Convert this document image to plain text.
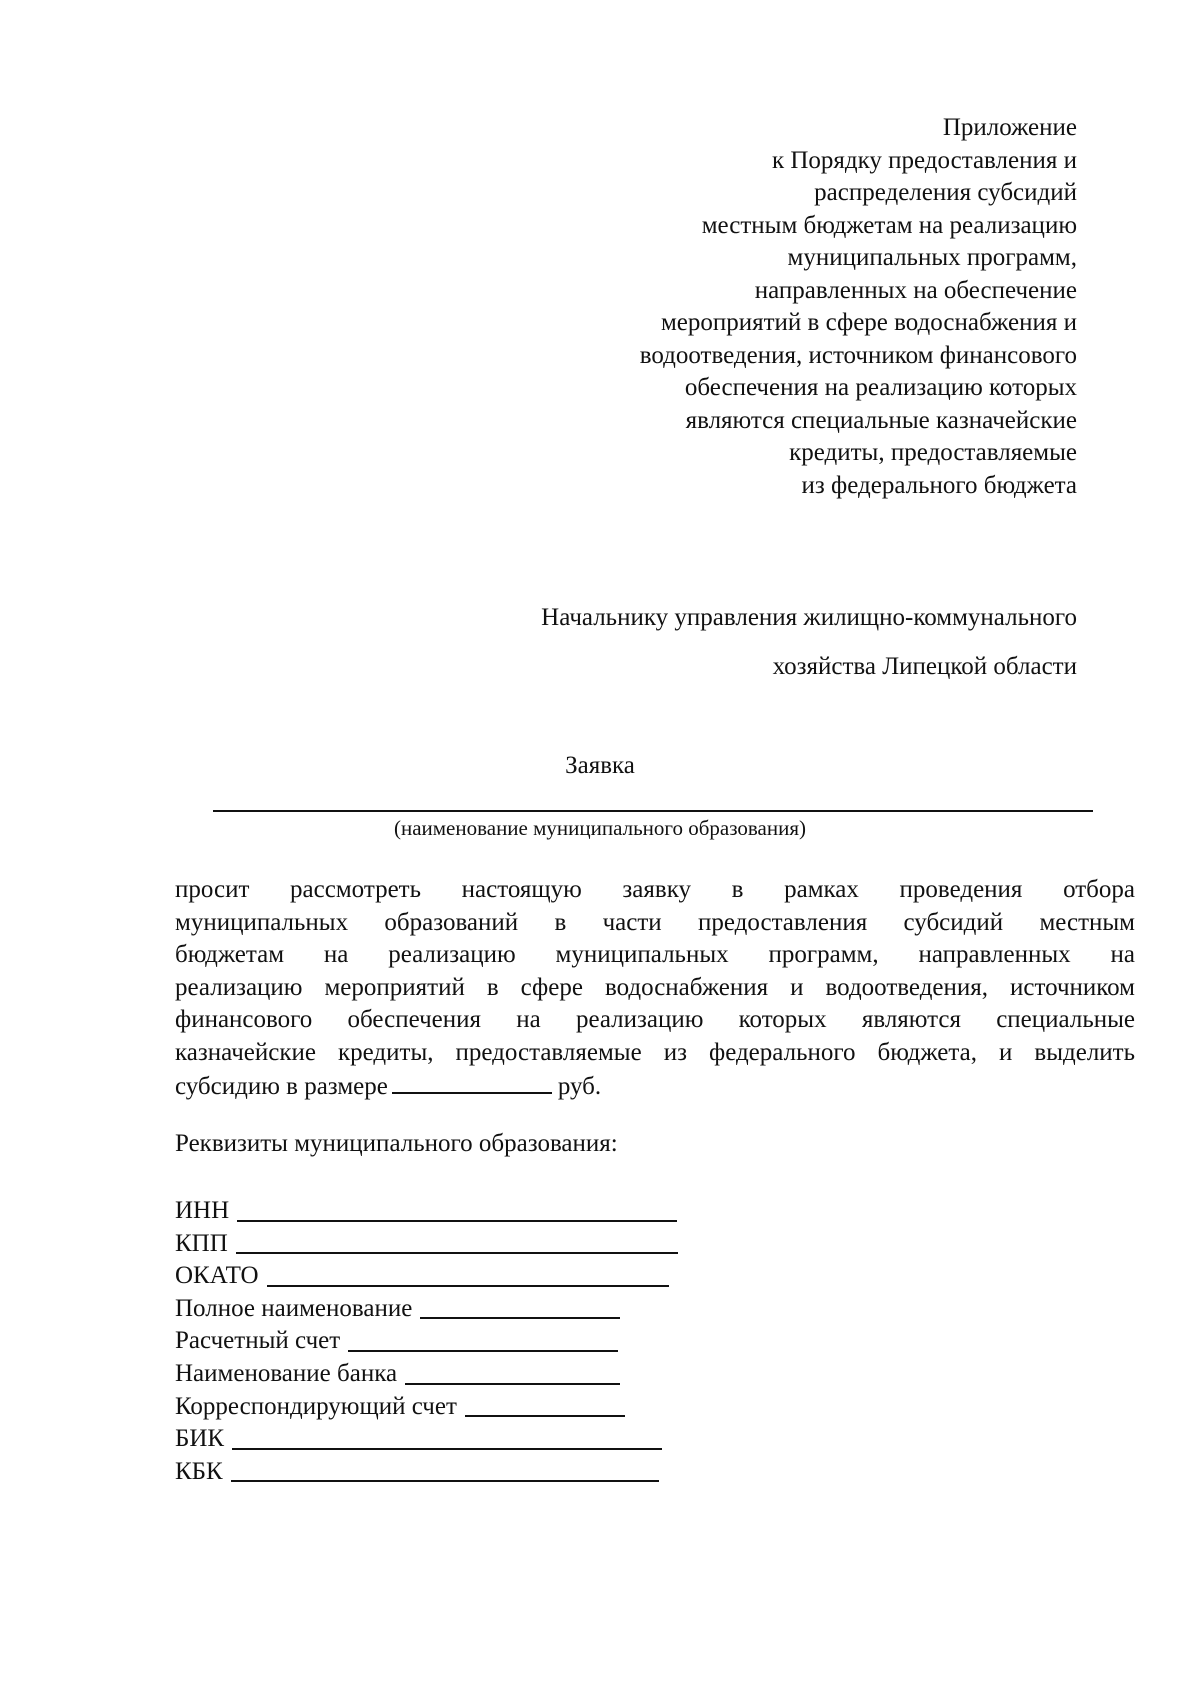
Приложение
к Порядку предоставления и
распределения субсидий
местным бюджетам на реализацию
муниципальных программ,
направленных на обеспечение
мероприятий в сфере водоснабжения и
водоотведения, источником финансового
обеспечения на реализацию которых
являются специальные казначейские
кредиты, предоставляемые
из федерального бюджета
Начальнику управления жилищно-коммунального
хозяйства Липецкой области
Заявка
(наименование муниципального образования)
просит рассмотреть настоящую заявку в рамках проведения отбора
муниципальных образований в части предоставления субсидий местным
бюджетам на реализацию муниципальных программ, направленных на
реализацию мероприятий в сфере водоснабжения и водоотведения, источником
финансового обеспечения на реализацию которых являются специальные
казначейские кредиты, предоставляемые из федерального бюджета, и выделить
субсидию в размере	руб.
Реквизиты муниципального образования:
ИНН
КПП
ОКАТО
Полное наименование
Расчетный счет
Наименование банка
Корреспондирующий счет
БИК
КБК
